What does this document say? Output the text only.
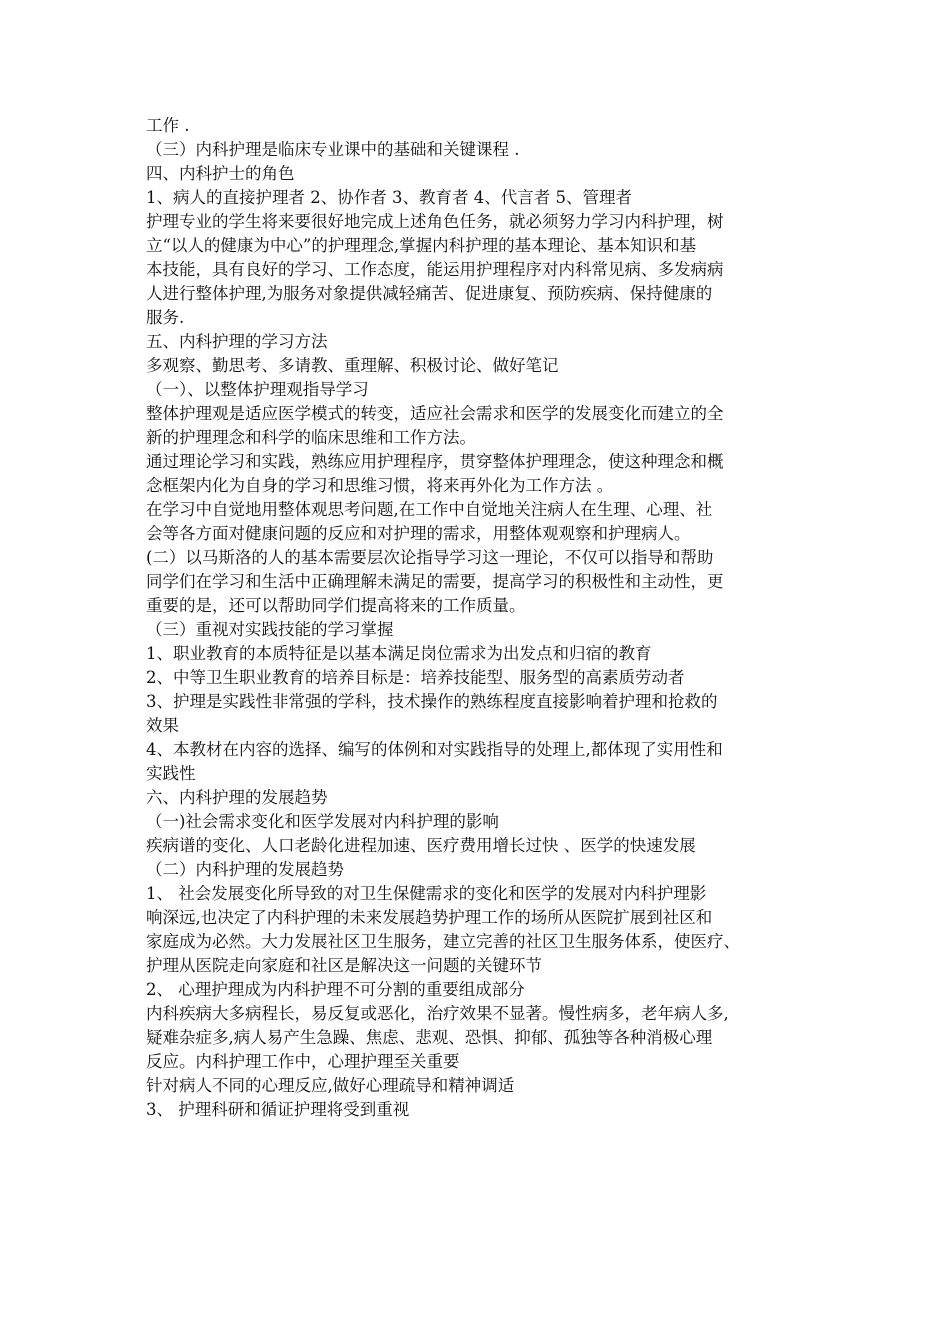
工作 .
（三）内科护理是临床专业课中的基础和关键课程 .
四、内科护士的角色
1、病人的直接护理者 2、协作者 3、教育者 4、代言者 5、管理者
护理专业的学生将来要很好地完成上述角色任务，就必须努力学习内科护理，树
立“以人的健康为中心”的护理理念,掌握内科护理的基本理论、基本知识和基
本技能，具有良好的学习、工作态度，能运用护理程序对内科常见病、多发病病
人进行整体护理,为服务对象提供减轻痛苦、促进康复、预防疾病、保持健康的
服务.
五、内科护理的学习方法
多观察、勤思考、多请教、重理解、积极讨论、做好笔记
（一）、以整体护理观指导学习
整体护理观是适应医学模式的转变，适应社会需求和医学的发展变化而建立的全
新的护理理念和科学的临床思维和工作方法。
通过理论学习和实践，熟练应用护理程序，贯穿整体护理理念，使这种理念和概
念框架内化为自身的学习和思维习惯，将来再外化为工作方法 。
在学习中自觉地用整体观思考问题,在工作中自觉地关注病人在生理、心理、社
会等各方面对健康问题的反应和对护理的需求，用整体观观察和护理病人。
(二）以马斯洛的人的基本需要层次论指导学习这一理论，不仅可以指导和帮助
同学们在学习和生活中正确理解未满足的需要，提高学习的积极性和主动性，更
重要的是，还可以帮助同学们提高将来的工作质量。
（三）重视对实践技能的学习掌握
1、职业教育的本质特征是以基本满足岗位需求为出发点和归宿的教育
2、中等卫生职业教育的培养目标是：培养技能型、服务型的高素质劳动者
3、护理是实践性非常强的学科，技术操作的熟练程度直接影响着护理和抢救的
效果
4、本教材在内容的选择、编写的体例和对实践指导的处理上,都体现了实用性和
实践性
六、内科护理的发展趋势
（一)社会需求变化和医学发展对内科护理的影响
疾病谱的变化、人口老龄化进程加速、医疗费用增长过快 、医学的快速发展
（二）内科护理的发展趋势
1、 社会发展变化所导致的对卫生保健需求的变化和医学的发展对内科护理影
响深远,也决定了内科护理的未来发展趋势护理工作的场所从医院扩展到社区和
家庭成为必然。大力发展社区卫生服务，建立完善的社区卫生服务体系，使医疗、
护理从医院走向家庭和社区是解决这一问题的关键环节
2、 心理护理成为内科护理不可分割的重要组成部分
内科疾病大多病程长，易反复或恶化，治疗效果不显著。慢性病多，老年病人多,
疑难杂症多,病人易产生急躁、焦虑、悲观、恐惧、抑郁、孤独等各种消极心理
反应。内科护理工作中，心理护理至关重要
针对病人不同的心理反应,做好心理疏导和精神调适
3、 护理科研和循证护理将受到重视
